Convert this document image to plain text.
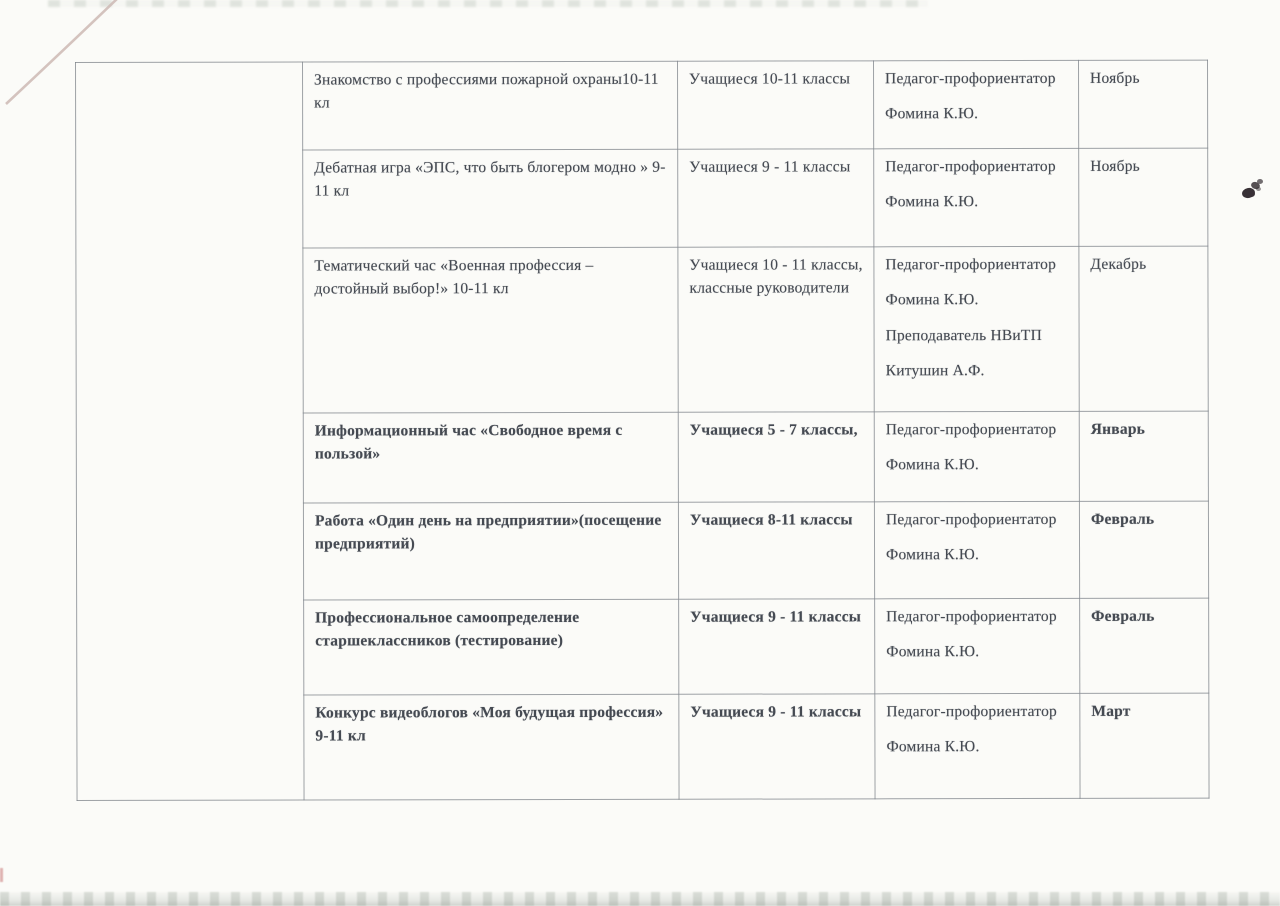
	Знакомство с профессиями пожарной охраны10-11 кл	Учащиеся 10-11 классы	Педагог-профориентатор

Фомина К.Ю.	Ноябрь
	Дебатная игра «ЭПС, что быть блогером модно » 9-11 кл	Учащиеся 9 - 11 классы	Педагог-профориентатор

Фомина К.Ю.	Ноябрь
	Тематический час «Военная профессия – достойный выбор!» 10-11 кл	Учащиеся 10 - 11 классы, классные руководители	Педагог-профориентатор

Фомина К.Ю.

Преподаватель НВиТП

Китушин А.Ф.	Декабрь
	Информационный час «Свободное время с пользой»	Учащиеся 5 - 7 классы,	Педагог-профориентатор

Фомина К.Ю.	Январь
	Работа «Один день на предприятии»(посещение предприятий)	Учащиеся 8-11 классы	Педагог-профориентатор

Фомина К.Ю.	Февраль
	Профессиональное самоопределение старшеклассников (тестирование)	Учащиеся 9 - 11 классы	Педагог-профориентатор

Фомина К.Ю.	Февраль
	Конкурс видеоблогов «Моя будущая профессия» 9-11 кл	Учащиеся 9 - 11 классы	Педагог-профориентатор

Фомина К.Ю.	Март
